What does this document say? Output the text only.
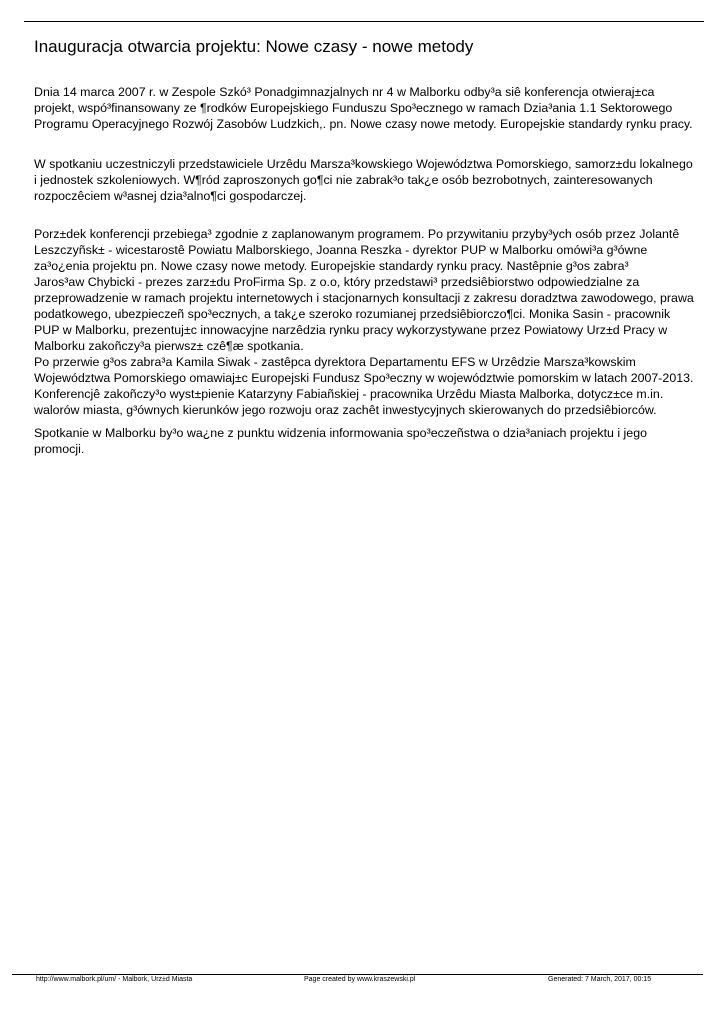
Inauguracja otwarcia projektu: Nowe czasy - nowe metody

Dnia 14 marca 2007 r. w Zespole Szkó³ Ponadgimnazjalnych nr 4 w Malborku odby³a siê konferencja otwieraj±ca

projekt, wspó³finansowany ze ¶rodków Europejskiego Funduszu Spo³ecznego w ramach Dzia³ania 1.1 Sektorowego

Programu Operacyjnego Rozwój Zasobów Ludzkich,. pn. Nowe czasy nowe metody. Europejskie standardy rynku pracy.

W spotkaniu uczestniczyli przedstawiciele Urzêdu Marsza³kowskiego Województwa Pomorskiego, samorz±du lokalnego

i jednostek szkoleniowych. W¶ród zaproszonych go¶ci nie zabrak³o tak¿e osób bezrobotnych, zainteresowanych

rozpoczêciem w³asnej dzia³alno¶ci gospodarczej.

Porz±dek konferencji przebiega³ zgodnie z zaplanowanym programem. Po przywitaniu przyby³ych osób przez Jolantê

Leszczyñsk± - wicestarostê Powiatu Malborskiego, Joanna Reszka - dyrektor PUP w Malborku omówi³a g³ówne

za³o¿enia projektu pn. Nowe czasy nowe metody. Europejskie standardy rynku pracy. Nastêpnie g³os zabra³

Jaros³aw Chybicki - prezes zarz±du ProFirma Sp. z o.o, który przedstawi³ przedsiêbiorstwo odpowiedzialne za

przeprowadzenie w ramach projektu internetowych i stacjonarnych konsultacji z zakresu doradztwa zawodowego, prawa

podatkowego, ubezpieczeñ spo³ecznych, a tak¿e szeroko rozumianej przedsiêbiorczo¶ci. Monika Sasin - pracownik

PUP w Malborku, prezentuj±c innowacyjne narzêdzia rynku pracy wykorzystywane przez Powiatowy Urz±d Pracy w

Malborku zakoñczy³a pierwsz± czê¶æ spotkania.

Po przerwie g³os zabra³a Kamila Siwak - zastêpca dyrektora Departamentu EFS w Urzêdzie Marsza³kowskim

Województwa Pomorskiego omawiaj±c Europejski Fundusz Spo³eczny w województwie pomorskim w latach 2007-2013.

Konferencjê zakoñczy³o wyst±pienie Katarzyny Fabiañskiej - pracownika Urzêdu Miasta Malborka, dotycz±ce m.in.

walorów miasta, g³ównych kierunków jego rozwoju oraz zachêt inwestycyjnych skierowanych do przedsiêbiorców.

Spotkanie w Malborku by³o wa¿ne z punktu widzenia informowania spo³eczeñstwa o dzia³aniach projektu i jego

promocji.

http://www.malbork.pl/um/ - Malbork, Urz±d Miasta	Page created by www.kraszewski.pl	Generated: 7 March, 2017, 00:15
